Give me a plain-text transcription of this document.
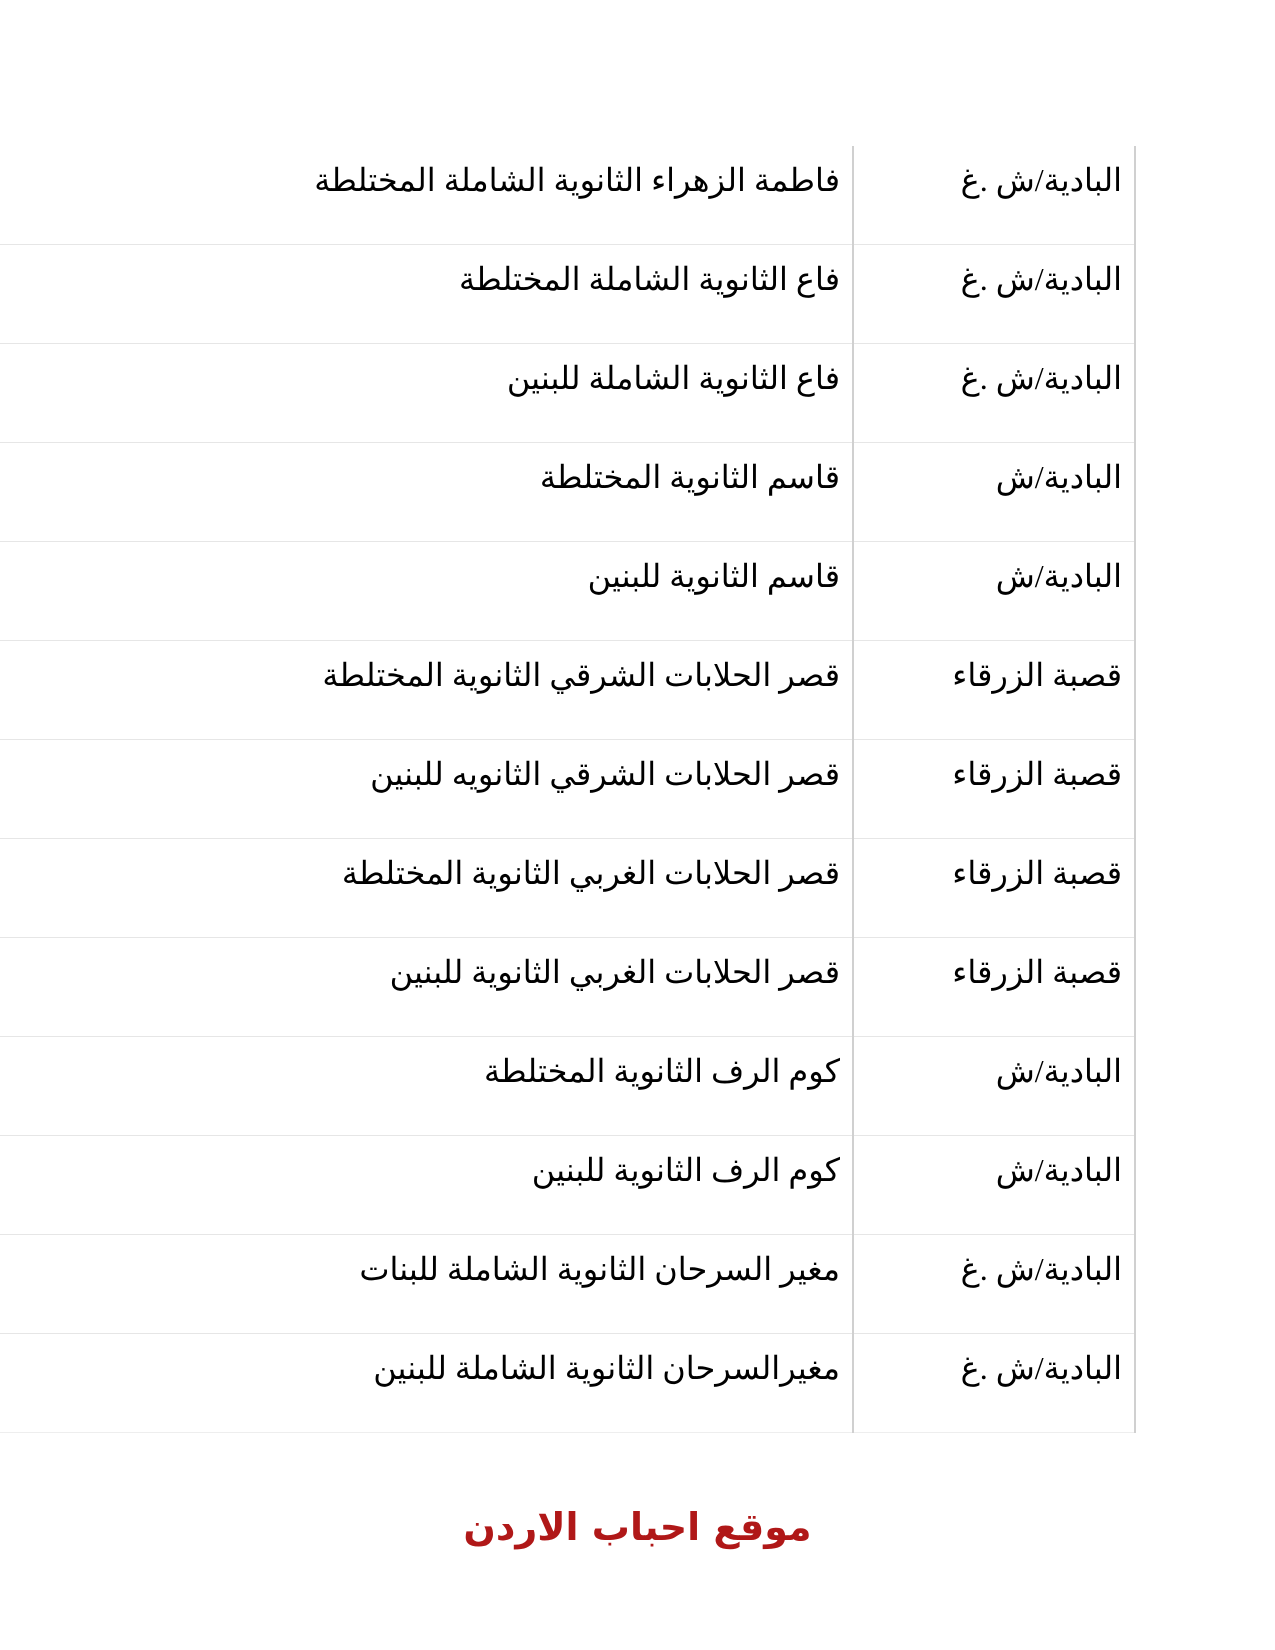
البادية/ش .غ	فاطمة الزهراء الثانوية الشاملة المختلطة

البادية/ش .غ	فاع الثانوية الشاملة المختلطة

البادية/ش .غ	فاع الثانوية الشاملة للبنين

البادية/ش	قاسم الثانوية المختلطة

البادية/ش	قاسم الثانوية للبنين

قصبة الزرقاء	قصر الحلابات الشرقي الثانوية المختلطة

قصبة الزرقاء	قصر الحلابات الشرقي الثانويه للبنين

قصبة الزرقاء	قصر الحلابات الغربي الثانوية المختلطة

قصبة الزرقاء	قصر الحلابات الغربي الثانوية للبنين

البادية/ش	كوم الرف الثانوية المختلطة

البادية/ش	كوم الرف الثانوية للبنين

البادية/ش .غ	مغير السرحان الثانوية الشاملة للبنات

البادية/ش .غ	مغيرالسرحان الثانوية الشاملة للبنين
موقع احباب الاردن
